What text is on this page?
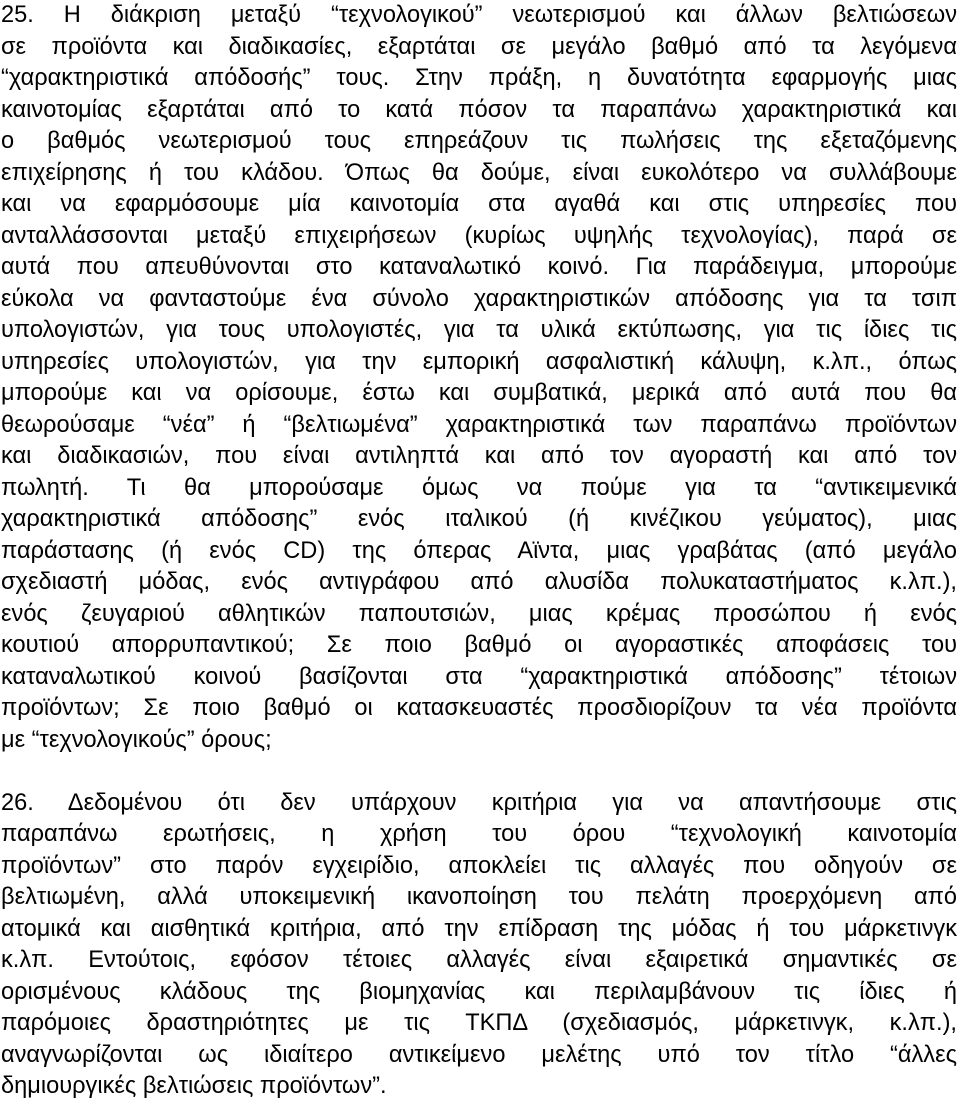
25. Η διάκριση μεταξύ “τεχνολογικού” νεωτερισμού και άλλων βελτιώσεων
σε προϊόντα και διαδικασίες, εξαρτάται σε μεγάλο βαθμό από τα λεγόμενα
“χαρακτηριστικά απόδοσής” τους. Στην πράξη, η δυνατότητα εφαρμογής μιας
καινοτομίας εξαρτάται από το κατά πόσον τα παραπάνω χαρακτηριστικά και
ο βαθμός νεωτερισμού τους επηρεάζουν τις πωλήσεις της εξεταζόμενης
επιχείρησης ή του κλάδου. Όπως θα δούμε, είναι ευκολότερο να συλλάβουμε
και να εφαρμόσουμε μία καινοτομία στα αγαθά και στις υπηρεσίες που
ανταλλάσσονται μεταξύ επιχειρήσεων (κυρίως υψηλής τεχνολογίας), παρά σε
αυτά που απευθύνονται στο καταναλωτικό κοινό. Για παράδειγμα, μπορούμε
εύκολα να φανταστούμε ένα σύνολο χαρακτηριστικών απόδοσης για τα τσιπ
υπολογιστών, για τους υπολογιστές, για τα υλικά εκτύπωσης, για τις ίδιες τις
υπηρεσίες υπολογιστών, για την εμπορική ασφαλιστική κάλυψη, κ.λπ., όπως
μπορούμε και να ορίσουμε, έστω και συμβατικά, μερικά από αυτά που θα
θεωρούσαμε “νέα” ή “βελτιωμένα” χαρακτηριστικά των παραπάνω προϊόντων
και διαδικασιών, που είναι αντιληπτά και από τον αγοραστή και από τον
πωλητή. Τι θα μπορούσαμε όμως να πούμε για τα “αντικειμενικά
χαρακτηριστικά απόδοσης” ενός ιταλικού (ή κινέζικου γεύματος), μιας
παράστασης (ή ενός CD) της όπερας Αϊντα, μιας γραβάτας (από μεγάλο
σχεδιαστή μόδας, ενός αντιγράφου από αλυσίδα πολυκαταστήματος κ.λπ.),
ενός ζευγαριού αθλητικών παπουτσιών, μιας κρέμας προσώπου ή ενός
κουτιού απορρυπαντικού; Σε ποιο βαθμό οι αγοραστικές αποφάσεις του
καταναλωτικού κοινού βασίζονται στα “χαρακτηριστικά απόδοσης” τέτοιων
προϊόντων; Σε ποιο βαθμό οι κατασκευαστές προσδιορίζουν τα νέα προϊόντα
με “τεχνολογικούς” όρους;
26. Δεδομένου ότι δεν υπάρχουν κριτήρια για να απαντήσουμε στις
παραπάνω ερωτήσεις, η χρήση του όρου “τεχνολογική καινοτομία
προϊόντων” στο παρόν εγχειρίδιο, αποκλείει τις αλλαγές που οδηγούν σε
βελτιωμένη, αλλά υποκειμενική ικανοποίηση του πελάτη προερχόμενη από
ατομικά και αισθητικά κριτήρια, από την επίδραση της μόδας ή του μάρκετινγκ
κ.λπ. Εντούτοις, εφόσον τέτοιες αλλαγές είναι εξαιρετικά σημαντικές σε
ορισμένους κλάδους της βιομηχανίας και περιλαμβάνουν τις ίδιες ή
παρόμοιες δραστηριότητες με τις ΤΚΠΔ (σχεδιασμός, μάρκετινγκ, κ.λπ.),
αναγνωρίζονται ως ιδιαίτερο αντικείμενο μελέτης υπό τον τίτλο “άλλες
δημιουργικές βελτιώσεις προϊόντων”.
